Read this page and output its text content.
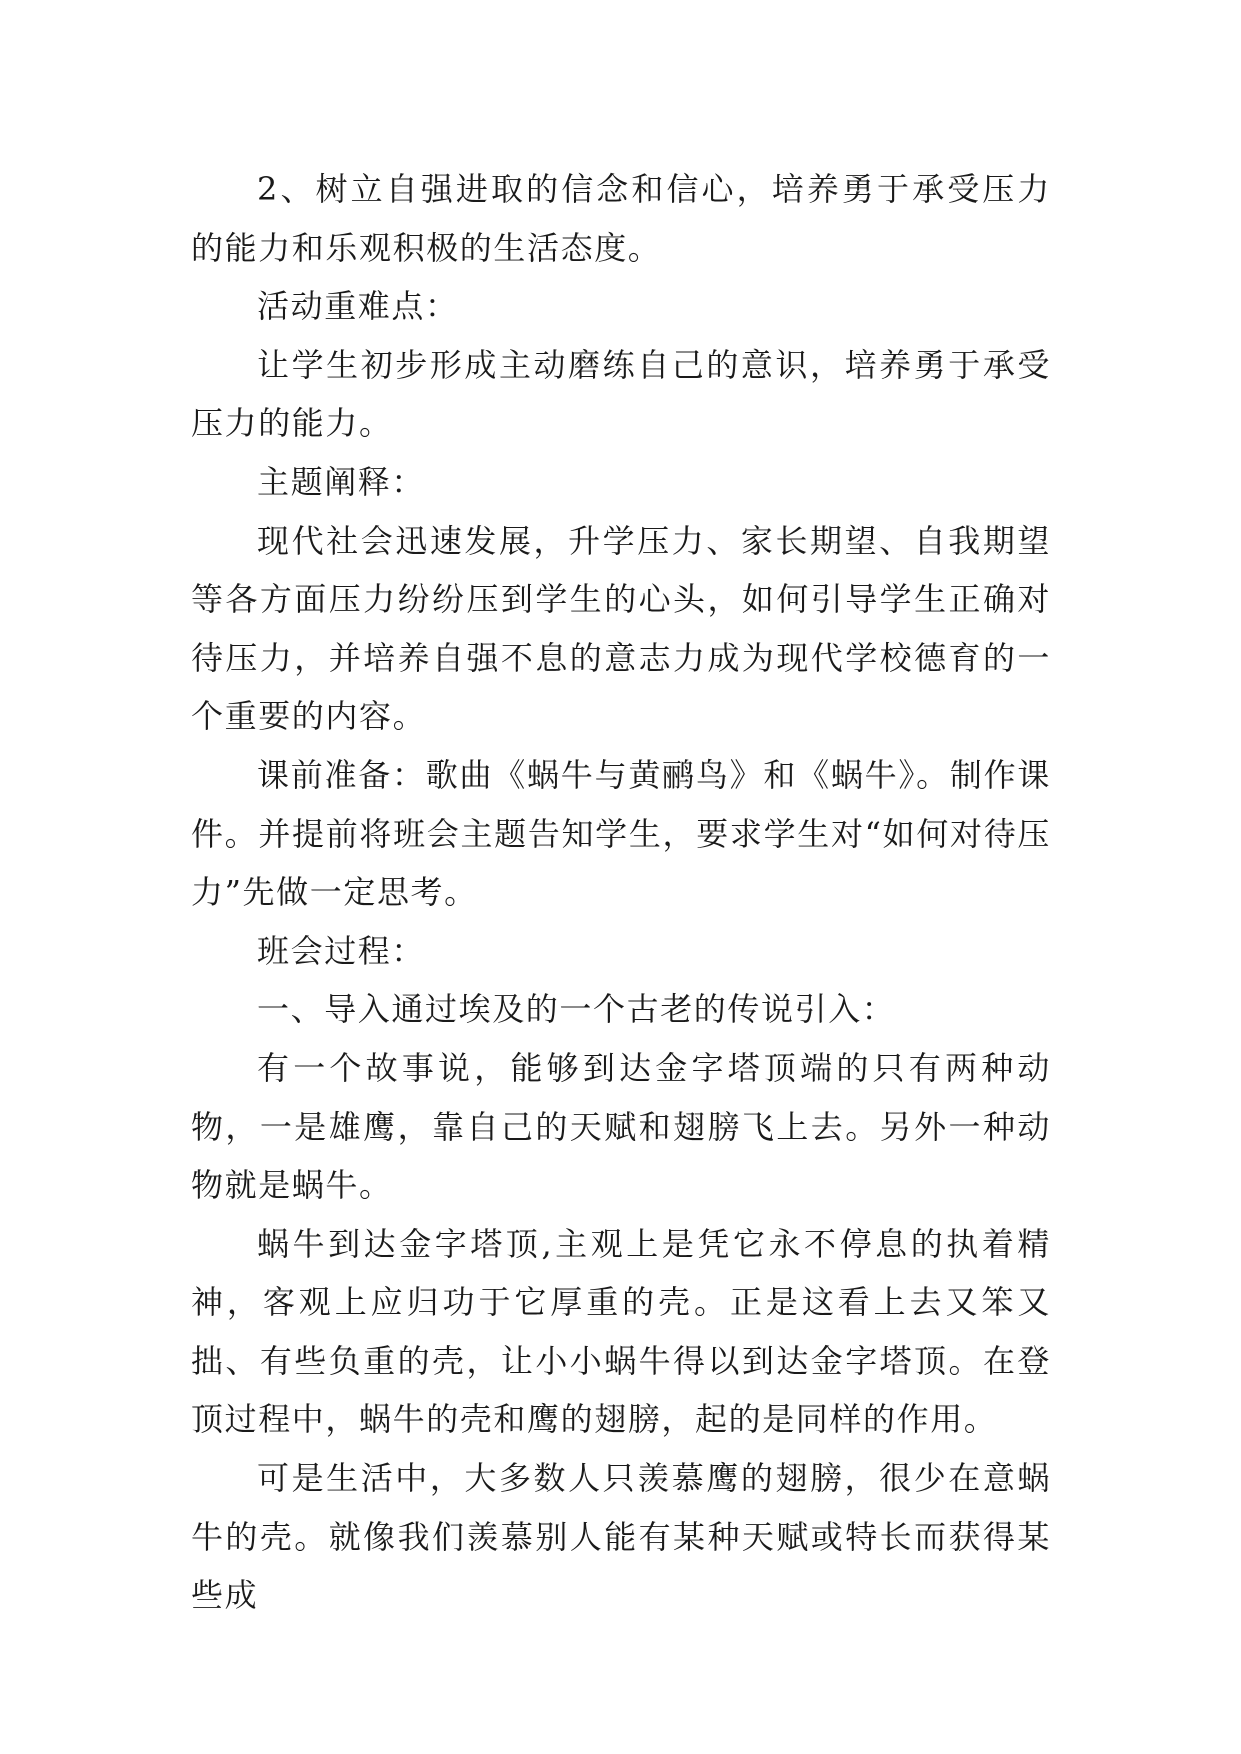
2、树立自强进取的信念和信心，培养勇于承受压力的能力和乐观积极的生活态度。

活动重难点：

让学生初步形成主动磨练自己的意识，培养勇于承受压力的能力。

主题阐释：

现代社会迅速发展，升学压力、家长期望、自我期望等各方面压力纷纷压到学生的心头，如何引导学生正确对待压力，并培养自强不息的意志力成为现代学校德育的一个重要的内容。

课前准备：歌曲《蜗牛与黄鹂鸟》和《蜗牛》。制作课件。并提前将班会主题告知学生，要求学生对“如何对待压力”先做一定思考。

班会过程：

一、导入通过埃及的一个古老的传说引入：

有一个故事说，能够到达金字塔顶端的只有两种动物，一是雄鹰，靠自己的天赋和翅膀飞上去。另外一种动物就是蜗牛。

蜗牛到达金字塔顶,主观上是凭它永不停息的执着精神，客观上应归功于它厚重的壳。正是这看上去又笨又拙、有些负重的壳，让小小蜗牛得以到达金字塔顶。在登顶过程中，蜗牛的壳和鹰的翅膀，起的是同样的作用。

可是生活中，大多数人只羡慕鹰的翅膀，很少在意蜗牛的壳。就像我们羡慕别人能有某种天赋或特长而获得某些成
